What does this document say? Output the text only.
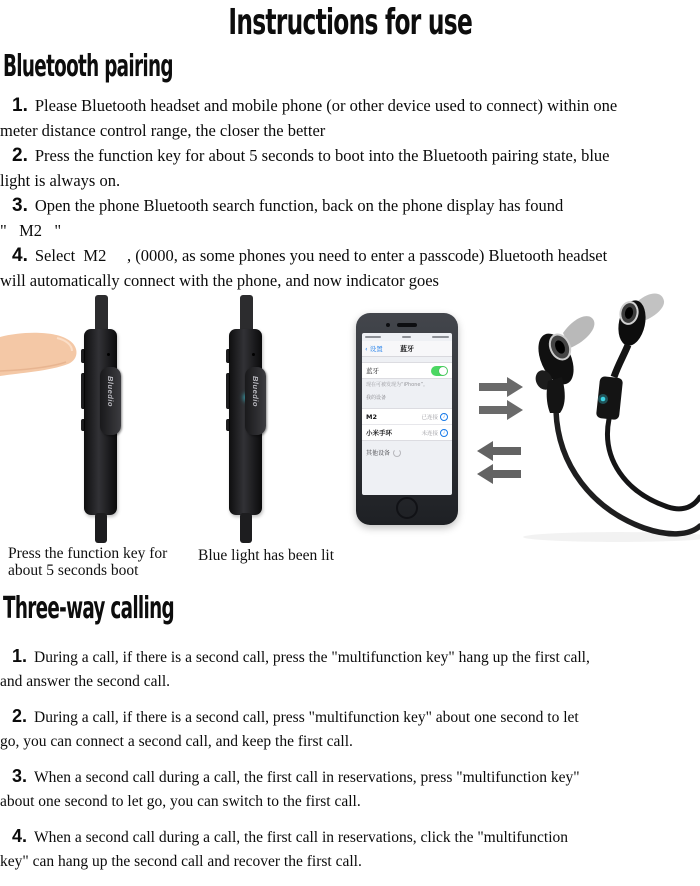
Instructions for use
Bluetooth pairing
1. Please Bluetooth headset and mobile phone (or other device used to connect) within one
meter distance control range, the closer the better
2. Press the function key for about 5 seconds to boot into the Bluetooth pairing state, blue
light is always on.
3. Open the phone Bluetooth search function, back on the phone display has found
"   M2   "
4. Select  M2     , (0000, as some phones you need to enter a passcode) Bluetooth headset
will automatically connect with the phone, and now indicator goes
Bluedio	Bluedio
‹ 设置	蓝牙
蓝牙
现在可被发现为“iPhone”。
我的设备
M2	已连接	i
小米手环	未连接	i
其他设备
Press the function key for
about 5 seconds boot
Blue light has been lit
Three-way calling
1. During a call, if there is a second call, press the "multifunction key" hang up the first call,
and answer the second call.
2. During a call, if there is a second call, press "multifunction key" about one second to let
go, you can connect a second call, and keep the first call.
3. When a second call during a call, the first call in reservations, press "multifunction key"
about one second to let go, you can switch to the first call.
4. When a second call during a call, the first call in reservations, click the "multifunction
key" can hang up the second call and recover the first call.
